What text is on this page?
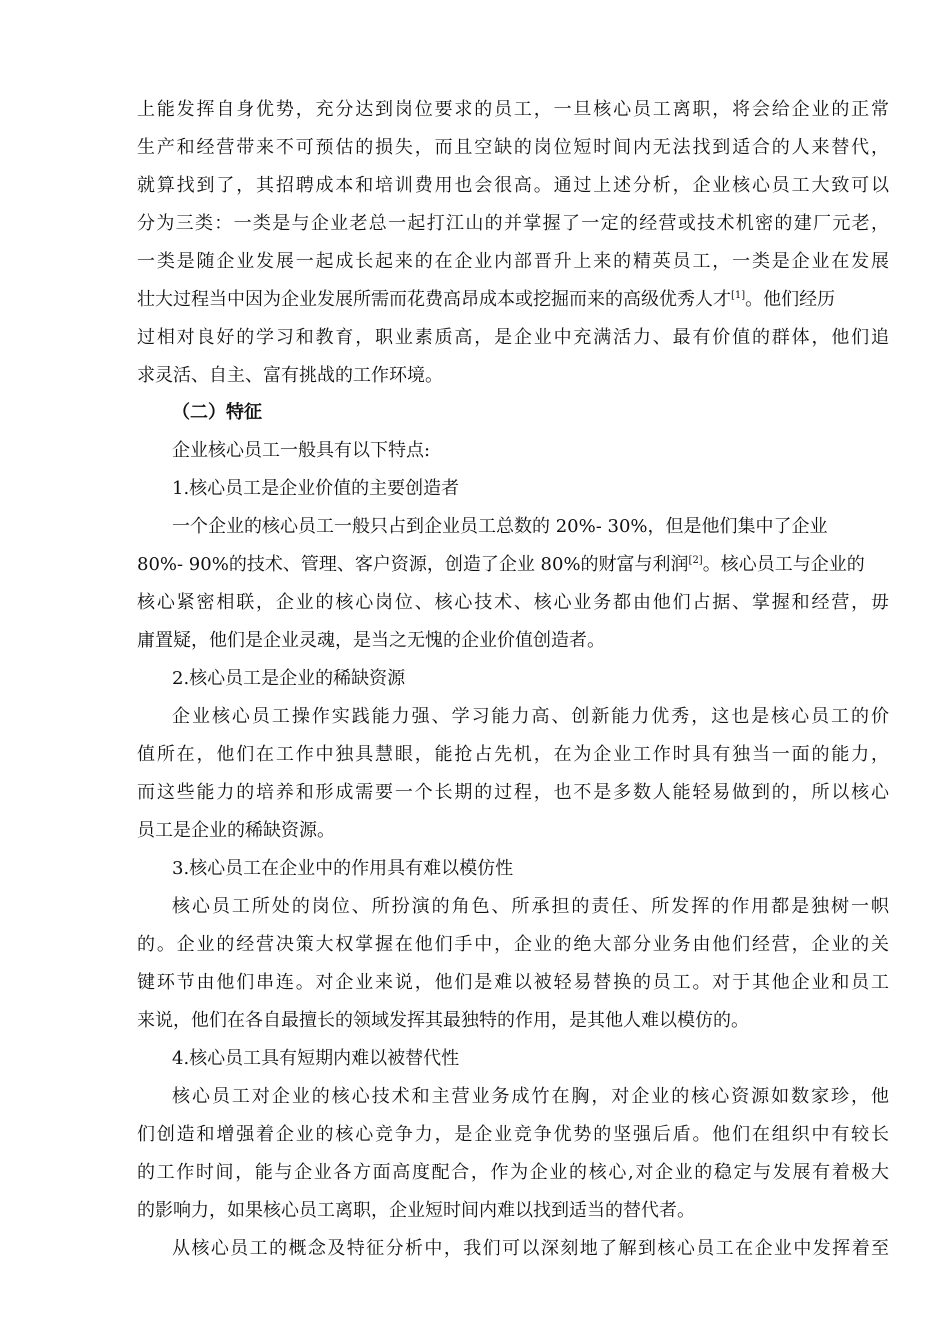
上能发挥自身优势，充分达到岗位要求的员工，一旦核心员工离职，将会给企业的正常
生产和经营带来不可预估的损失，而且空缺的岗位短时间内无法找到适合的人来替代，
就算找到了，其招聘成本和培训费用也会很高。通过上述分析，企业核心员工大致可以
分为三类：一类是与企业老总一起打江山的并掌握了一定的经营或技术机密的建厂元老，
一类是随企业发展一起成长起来的在企业内部晋升上来的精英员工，一类是企业在发展
壮大过程当中因为企业发展所需而花费高昂成本或挖掘而来的高级优秀人才[1]。他们经历
过相对良好的学习和教育，职业素质高，是企业中充满活力、最有价值的群体，他们追
求灵活、自主、富有挑战的工作环境。
（二）特征
企业核心员工一般具有以下特点:
1.核心员工是企业价值的主要创造者
一个企业的核心员工一般只占到企业员工总数的 20%- 30%，但是他们集中了企业
80%- 90%的技术、管理、客户资源，创造了企业 80%的财富与利润[2]。核心员工与企业的
核心紧密相联，企业的核心岗位、核心技术、核心业务都由他们占据、掌握和经营，毋
庸置疑，他们是企业灵魂，是当之无愧的企业价值创造者。
2.核心员工是企业的稀缺资源
企业核心员工操作实践能力强、学习能力高、创新能力优秀，这也是核心员工的价
值所在，他们在工作中独具慧眼，能抢占先机，在为企业工作时具有独当一面的能力，
而这些能力的培养和形成需要一个长期的过程，也不是多数人能轻易做到的，所以核心
员工是企业的稀缺资源。
3.核心员工在企业中的作用具有难以模仿性
核心员工所处的岗位、所扮演的角色、所承担的责任、所发挥的作用都是独树一帜
的。企业的经营决策大权掌握在他们手中，企业的绝大部分业务由他们经营，企业的关
键环节由他们串连。对企业来说，他们是难以被轻易替换的员工。对于其他企业和员工
来说，他们在各自最擅长的领域发挥其最独特的作用，是其他人难以模仿的。
4.核心员工具有短期内难以被替代性
核心员工对企业的核心技术和主营业务成竹在胸，对企业的核心资源如数家珍，他
们创造和增强着企业的核心竞争力，是企业竞争优势的坚强后盾。他们在组织中有较长
的工作时间，能与企业各方面高度配合，作为企业的核心,对企业的稳定与发展有着极大
的影响力，如果核心员工离职，企业短时间内难以找到适当的替代者。
从核心员工的概念及特征分析中，我们可以深刻地了解到核心员工在企业中发挥着至
